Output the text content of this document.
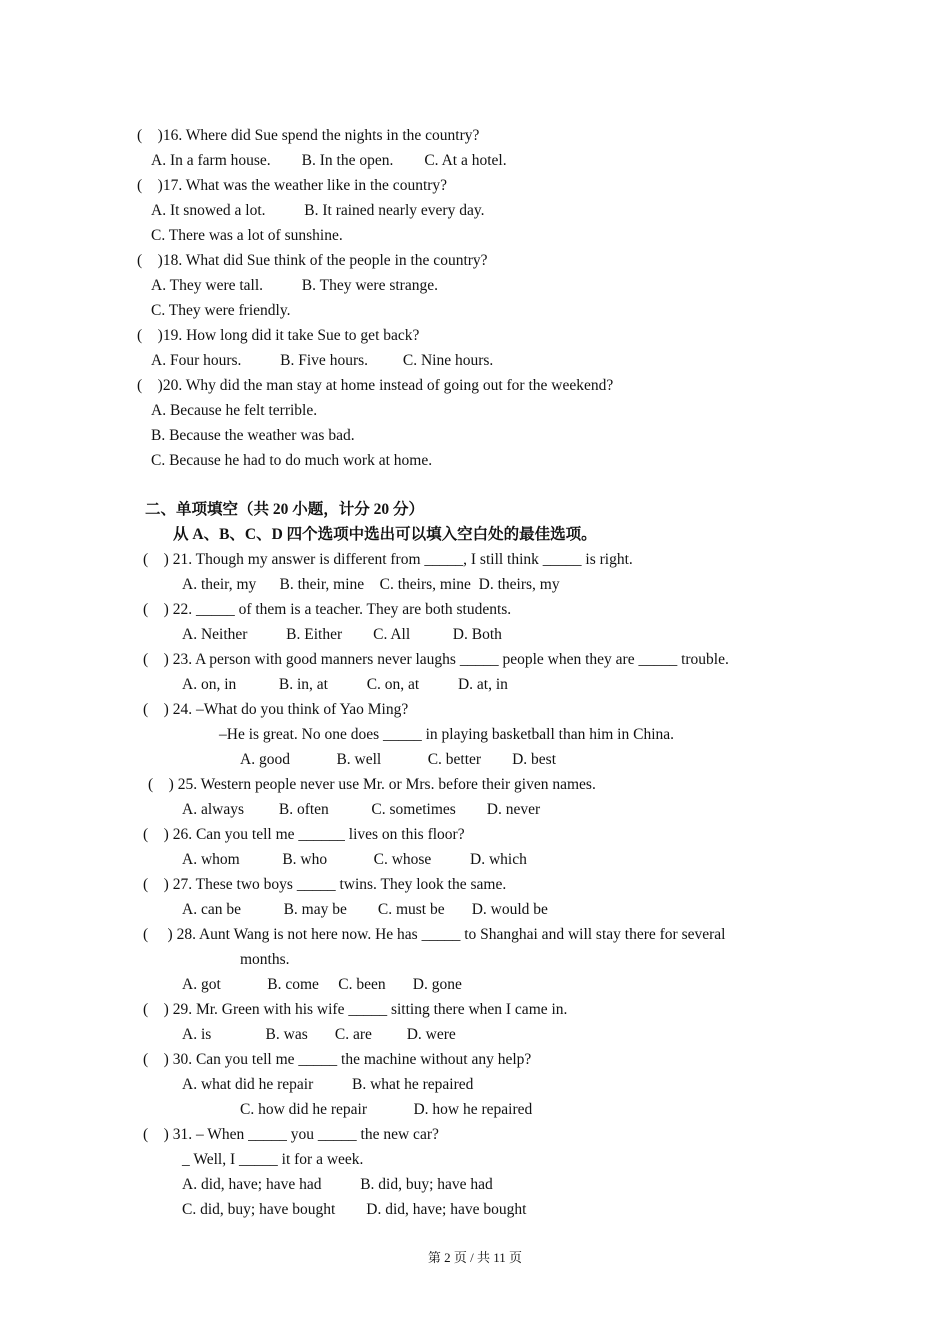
(    )16. Where did Sue spend the nights in the country?
A. In a farm house.        B. In the open.        C. At a hotel.
(    )17. What was the weather like in the country?
A. It snowed a lot.          B. It rained nearly every day.
C. There was a lot of sunshine.
(    )18. What did Sue think of the people in the country?
A. They were tall.          B. They were strange.
C. They were friendly.
(    )19. How long did it take Sue to get back?
A. Four hours.          B. Five hours.         C. Nine hours.
(    )20. Why did the man stay at home instead of going out for the weekend?
A. Because he felt terrible.
B. Because the weather was bad.
C. Because he had to do much work at home.
二、单项填空（共 20 小题，计分 20 分）
从 A、B、C、D 四个选项中选出可以填入空白处的最佳选项。
(    ) 21. Though my answer is different from _____, I still think _____ is right.
A. their, my      B. their, mine    C. theirs, mine  D. theirs, my
(    ) 22. _____ of them is a teacher. They are both students.
A. Neither          B. Either        C. All           D. Both
(    ) 23. A person with good manners never laughs _____ people when they are _____ trouble.
A. on, in           B. in, at          C. on, at          D. at, in
(    ) 24. –What do you think of Yao Ming?
–He is great. No one does _____ in playing basketball than him in China.
A. good            B. well            C. better        D. best
(    ) 25. Western people never use Mr. or Mrs. before their given names.
A. always         B. often           C. sometimes        D. never
(    ) 26. Can you tell me ______ lives on this floor?
A. whom           B. who            C. whose          D. which
(    ) 27. These two boys _____ twins. They look the same.
A. can be           B. may be        C. must be       D. would be
(     ) 28. Aunt Wang is not here now. He has _____ to Shanghai and will stay there for several
months.
A. got            B. come     C. been       D. gone
(    ) 29. Mr. Green with his wife _____ sitting there when I came in.
A. is              B. was       C. are         D. were
(    ) 30. Can you tell me _____ the machine without any help?
A. what did he repair          B. what he repaired
C. how did he repair            D. how he repaired
(    ) 31. – When _____ you _____ the new car?
_ Well, I _____ it for a week.
A. did, have; have had          B. did, buy; have had
C. did, buy; have bought        D. did, have; have bought
第 2 页 / 共 11 页
